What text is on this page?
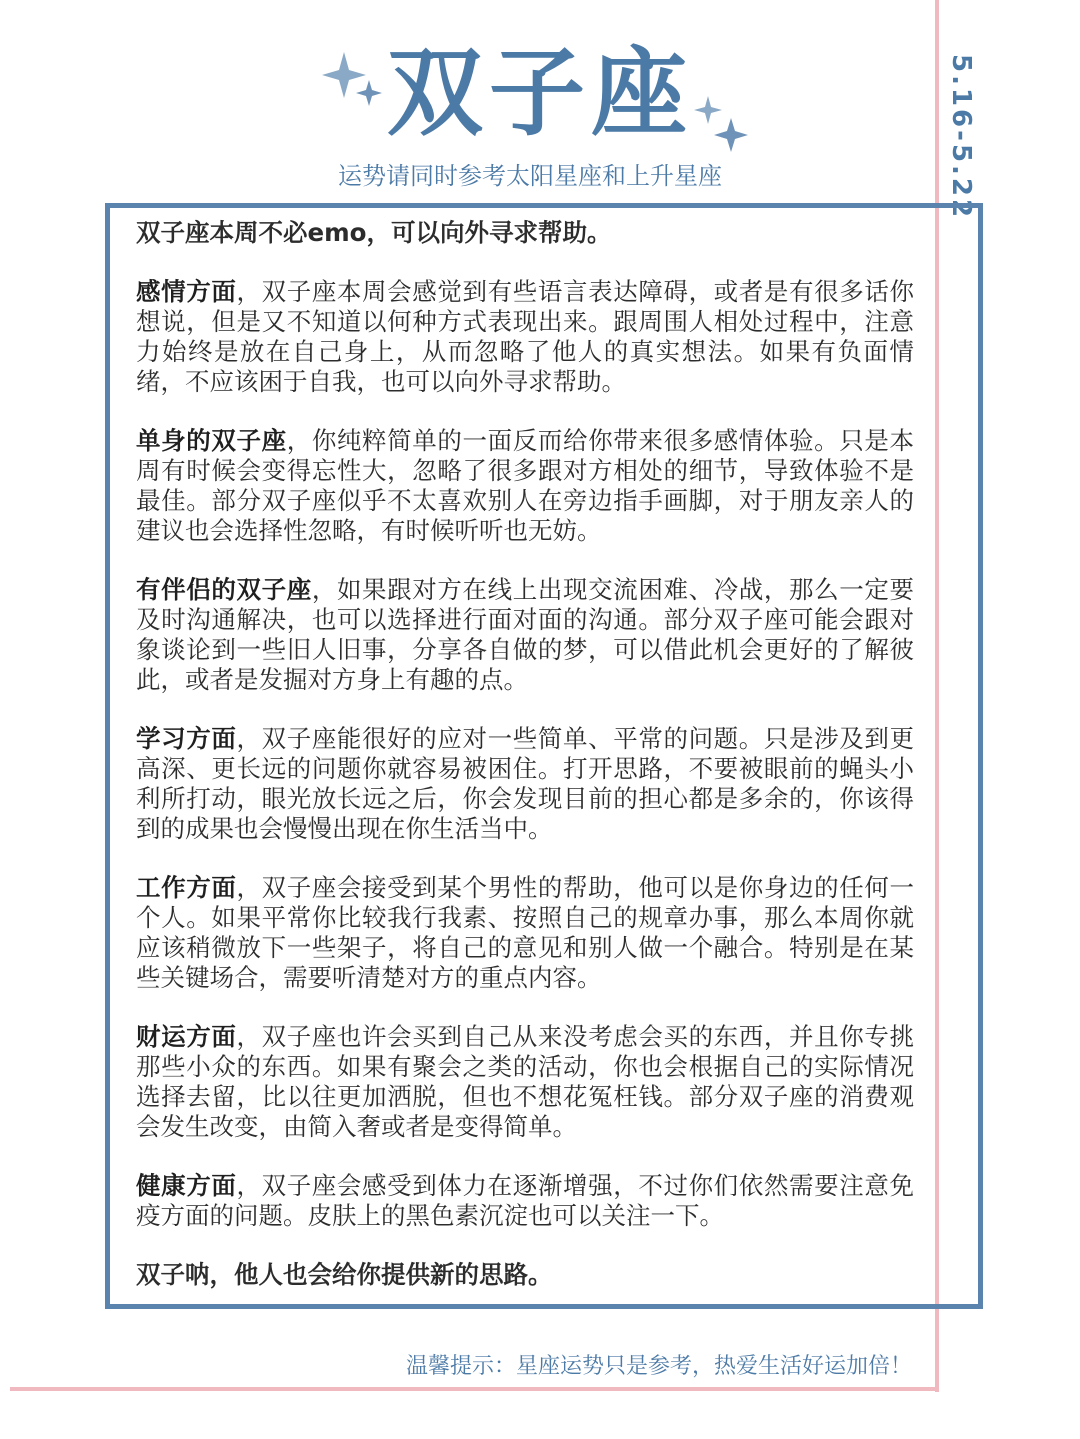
双子座
运势请同时参考太阳星座和上升星座	5.16-5.22

双子座本周不必emo，可以向外寻求帮助。

感情方面，双子座本周会感觉到有些语言表达障碍，或者是有很多话你想说，但是又不知道以何种方式表现出来。跟周围人相处过程中，注意力始终是放在自己身上，从而忽略了他人的真实想法。如果有负面情绪，不应该困于自我，也可以向外寻求帮助。

单身的双子座，你纯粹简单的一面反而给你带来很多感情体验。只是本周有时候会变得忘性大，忽略了很多跟对方相处的细节，导致体验不是最佳。部分双子座似乎不太喜欢别人在旁边指手画脚，对于朋友亲人的建议也会选择性忽略，有时候听听也无妨。

有伴侣的双子座，如果跟对方在线上出现交流困难、冷战，那么一定要及时沟通解决，也可以选择进行面对面的沟通。部分双子座可能会跟对象谈论到一些旧人旧事，分享各自做的梦，可以借此机会更好的了解彼此，或者是发掘对方身上有趣的点。

学习方面，双子座能很好的应对一些简单、平常的问题。只是涉及到更高深、更长远的问题你就容易被困住。打开思路，不要被眼前的蝇头小利所打动，眼光放长远之后，你会发现目前的担心都是多余的，你该得到的成果也会慢慢出现在你生活当中。

工作方面，双子座会接受到某个男性的帮助，他可以是你身边的任何一个人。如果平常你比较我行我素、按照自己的规章办事，那么本周你就应该稍微放下一些架子，将自己的意见和别人做一个融合。特别是在某些关键场合，需要听清楚对方的重点内容。

财运方面，双子座也许会买到自己从来没考虑会买的东西，并且你专挑那些小众的东西。如果有聚会之类的活动，你也会根据自己的实际情况选择去留，比以往更加洒脱，但也不想花冤枉钱。部分双子座的消费观会发生改变，由简入奢或者是变得简单。

健康方面，双子座会感受到体力在逐渐增强，不过你们依然需要注意免疫方面的问题。皮肤上的黑色素沉淀也可以关注一下。

双子呐，他人也会给你提供新的思路。

温馨提示：星座运势只是参考，热爱生活好运加倍！
